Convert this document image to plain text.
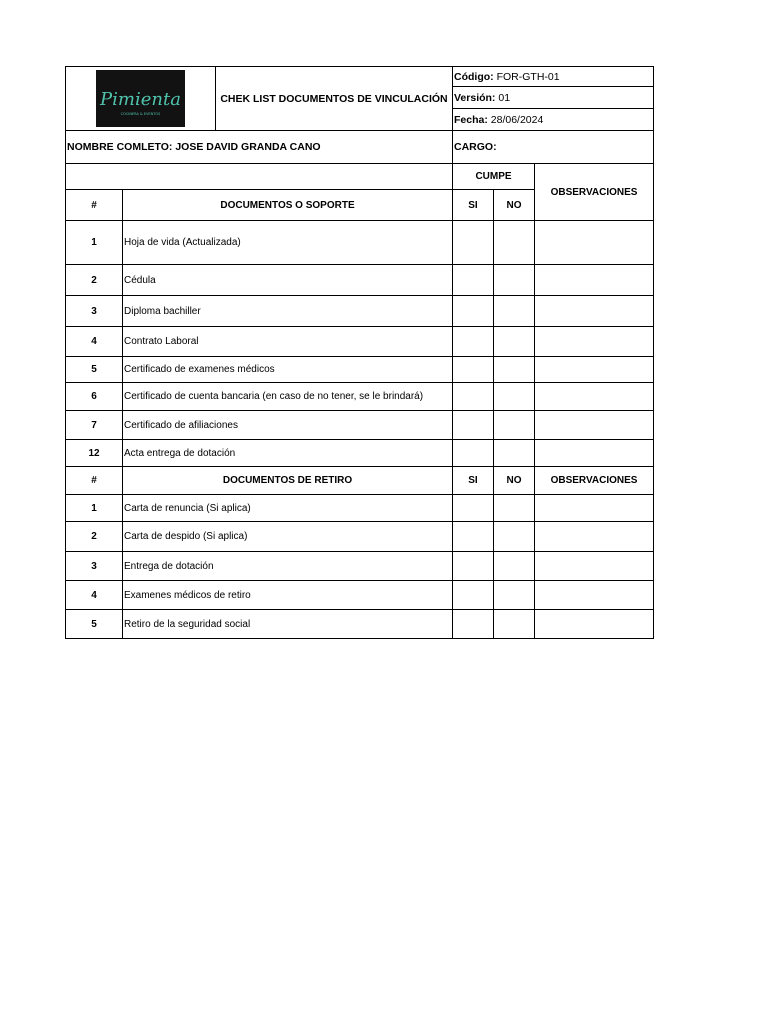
Pimienta
COCINERA & EVENTOS		CHEK LIST DOCUMENTOS DE VINCULACIÓN	Código: FOR-GTH-01		
			Versión: 01		
			Fecha: 28/06/2024		
NOMBRE COMLETO: JOSE DAVID GRANDA CANO			CARGO:		
			CUMPE		OBSERVACIONES
#	DOCUMENTOS O SOPORTE		SI	NO	
1	Hoja de vida (Actualizada)				
2	Cédula				
3	Diploma bachiller				
4	Contrato Laboral				
5	Certificado de examenes médicos				
6	Certificado de cuenta bancaria (en caso de no tener, se le brindará)				
7	Certificado de afiliaciones				
12	Acta entrega de dotación				
#	DOCUMENTOS DE RETIRO		SI	NO	OBSERVACIONES
1	Carta de renuncia (Si aplica)				
2	Carta de despido (Si aplica)				
3	Entrega de dotación				
4	Examenes médicos de retiro				
5	Retiro de la seguridad social				
